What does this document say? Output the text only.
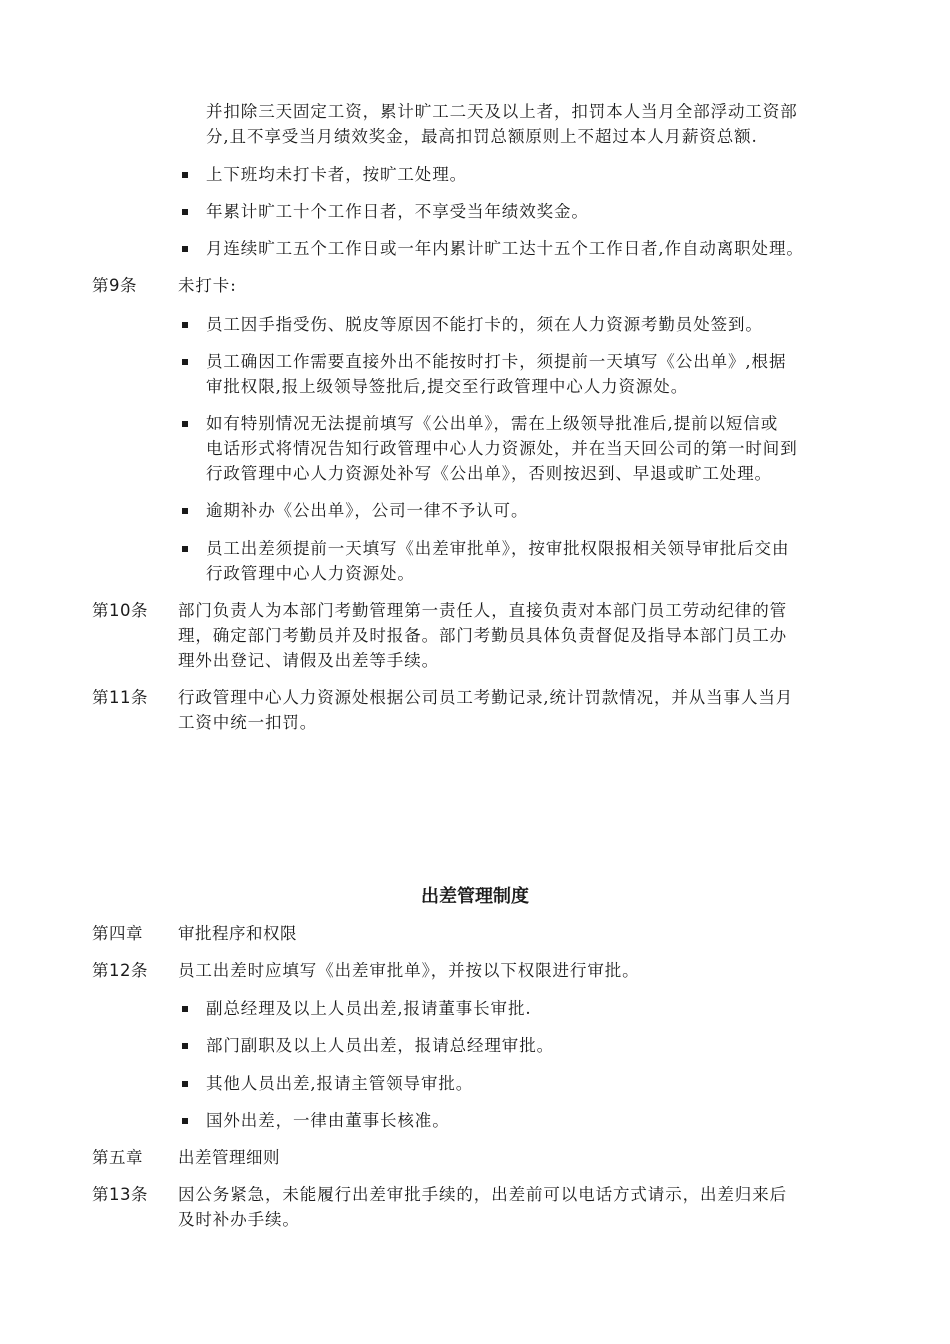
并扣除三天固定工资，累计旷工二天及以上者，扣罚本人当月全部浮动工资部
分,且不享受当月绩效奖金，最高扣罚总额原则上不超过本人月薪资总额.
上下班均未打卡者，按旷工处理。
年累计旷工十个工作日者，不享受当年绩效奖金。
月连续旷工五个工作日或一年内累计旷工达十五个工作日者,作自动离职处理。
第9条 未打卡:
员工因手指受伤、脱皮等原因不能打卡的，须在人力资源考勤员处签到。
员工确因工作需要直接外出不能按时打卡，须提前一天填写《公出单》,根据
审批权限,报上级领导签批后,提交至行政管理中心人力资源处。
如有特别情况无法提前填写《公出单》，需在上级领导批准后,提前以短信或
电话形式将情况告知行政管理中心人力资源处，并在当天回公司的第一时间到
行政管理中心人力资源处补写《公出单》，否则按迟到、早退或旷工处理。
逾期补办《公出单》，公司一律不予认可。
员工出差须提前一天填写《出差审批单》，按审批权限报相关领导审批后交由
行政管理中心人力资源处。
第10条 部门负责人为本部门考勤管理第一责任人，直接负责对本部门员工劳动纪律的管
理，确定部门考勤员并及时报备。部门考勤员具体负责督促及指导本部门员工办
理外出登记、请假及出差等手续。
第11条 行政管理中心人力资源处根据公司员工考勤记录,统计罚款情况，并从当事人当月
工资中统一扣罚。
出差管理制度
第四章 审批程序和权限
第12条 员工出差时应填写《出差审批单》，并按以下权限进行审批。
副总经理及以上人员出差,报请董事长审批.
部门副职及以上人员出差，报请总经理审批。
其他人员出差,报请主管领导审批。
国外出差，一律由董事长核准。
第五章 出差管理细则
第13条 因公务紧急，未能履行出差审批手续的，出差前可以电话方式请示，出差归来后
及时补办手续。
